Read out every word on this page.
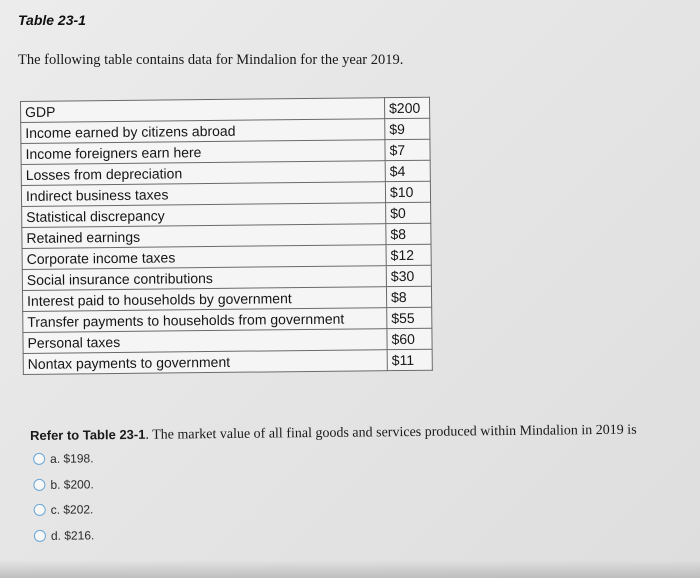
Table 23-1
The following table contains data for Mindalion for the year 2019.
GDP	$200
Income earned by citizens abroad	$9
Income foreigners earn here	$7
Losses from depreciation	$4
Indirect business taxes	$10
Statistical discrepancy	$0
Retained earnings	$8
Corporate income taxes	$12
Social insurance contributions	$30
Interest paid to households by government	$8
Transfer payments to households from government	$55
Personal taxes	$60
Nontax payments to government	$11
Refer to Table 23-1. The market value of all final goods and services produced within Mindalion in 2019 is
a. $198.
b. $200.
c. $202.
d. $216.
